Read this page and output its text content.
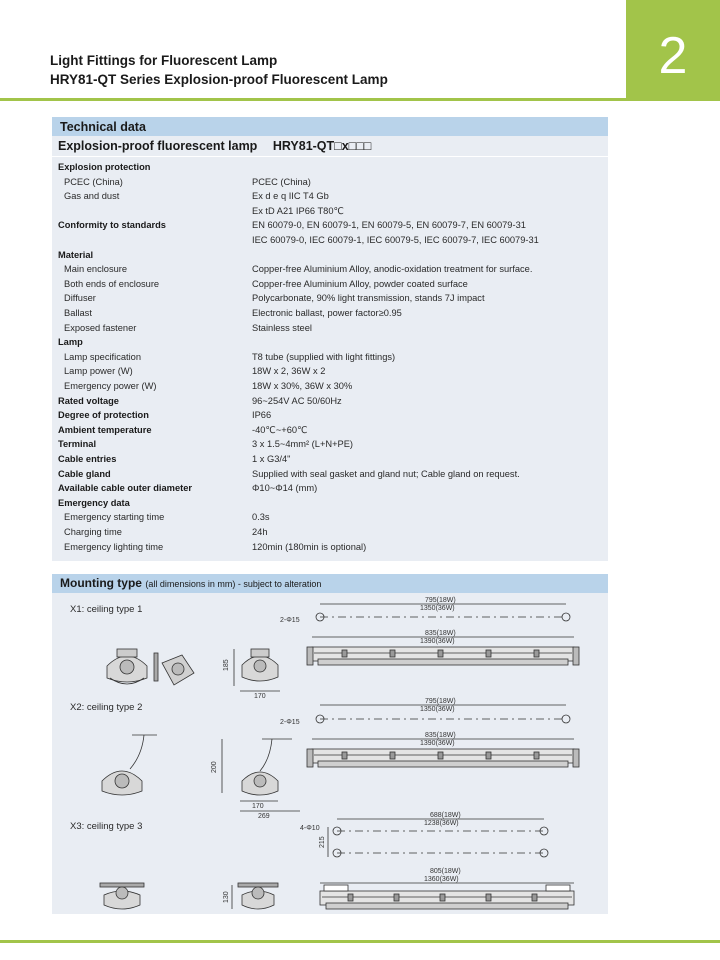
Light Fittings for Fluorescent Lamp
HRY81-QT Series Explosion-proof Fluorescent Lamp	2
Technical data
Explosion-proof fluorescent lamp HRY81-QT□x□□□
Explosion protection
PCEC (China)	PCEC (China)
Gas and dust	Ex d e q IIC T4 Gb
Ex tD A21 IP66 T80℃
Conformity to standards	EN 60079-0, EN 60079-1, EN 60079-5, EN 60079-7, EN 60079-31
IEC 60079-0, IEC 60079-1, IEC 60079-5, IEC 60079-7, IEC 60079-31
Material
Main enclosure	Copper-free Aluminium Alloy, anodic-oxidation treatment for surface.
Both ends of enclosure	Copper-free Aluminium Alloy, powder coated surface
Diffuser	Polycarbonate, 90% light transmission, stands 7J impact
Ballast	Electronic ballast, power factor≥0.95
Exposed fastener	Stainless steel
Lamp
Lamp specification	T8 tube (supplied with light fittings)
Lamp power (W)	18W x 2, 36W x 2
Emergency power (W)	18W x 30%, 36W x 30%
Rated voltage	96~254V AC 50/60Hz
Degree of protection	IP66
Ambient temperature	-40℃~+60℃
Terminal	3 x 1.5~4mm² (L+N+PE)
Cable entries	1 x G3/4"
Cable gland	Supplied with seal gasket and gland nut; Cable gland on request.
Available cable outer diameter	Φ10~Φ14 (mm)
Emergency data
Emergency starting time	0.3s
Charging time	24h
Emergency lighting time	120min (180min is optional)
Mounting type (all dimensions in mm) - subject to alteration
X1: ceiling type 1
X2: ceiling type 2
X3: ceiling type 3
795(18W)
1350(36W)
2-Φ15
835(18W)
1390(36W)
185
170
795(18W)
1350(36W)
2-Φ15
835(18W)
1390(36W)
200
170
269	688(18W)
1238(36W)
4-Φ10
215
805(18W)
1360(36W)
130
